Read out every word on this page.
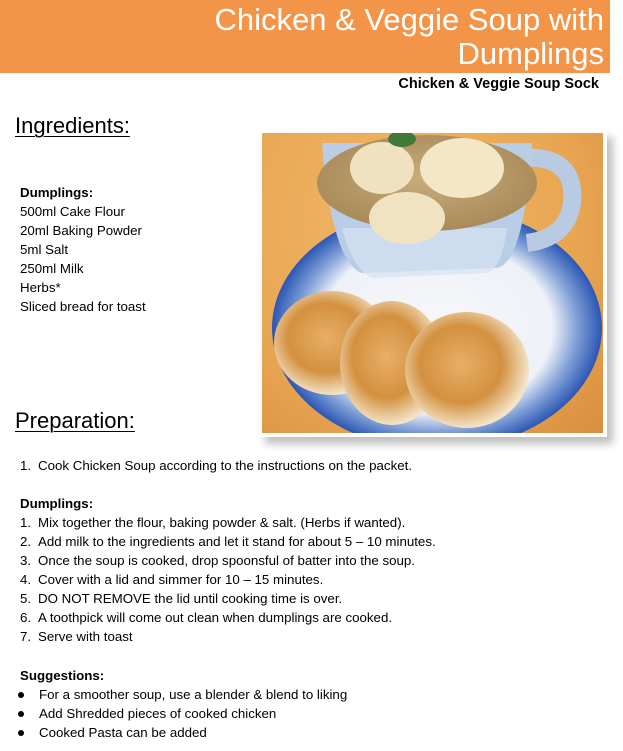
Chicken & Veggie Soup with
Dumplings
Chicken & Veggie Soup Sock
Ingredients:
Dumplings:
500ml Cake Flour
20ml Baking Powder
5ml Salt
250ml Milk
Herbs*
Sliced bread for toast
Preparation:
1. Cook Chicken Soup according to the instructions on the packet.
Dumplings:
1. Mix together the flour, baking powder & salt. (Herbs if wanted).
2. Add milk to the ingredients and let it stand for about 5 – 10 minutes.
3. Once the soup is cooked, drop spoonsful of batter into the soup.
4. Cover with a lid and simmer for 10 – 15 minutes.
5. DO NOT REMOVE the lid until cooking time is over.
6. A toothpick will come out clean when dumplings are cooked.
7. Serve with toast
Suggestions:
For a smoother soup, use a blender & blend to liking
Add Shredded pieces of cooked chicken
Cooked Pasta can be added
